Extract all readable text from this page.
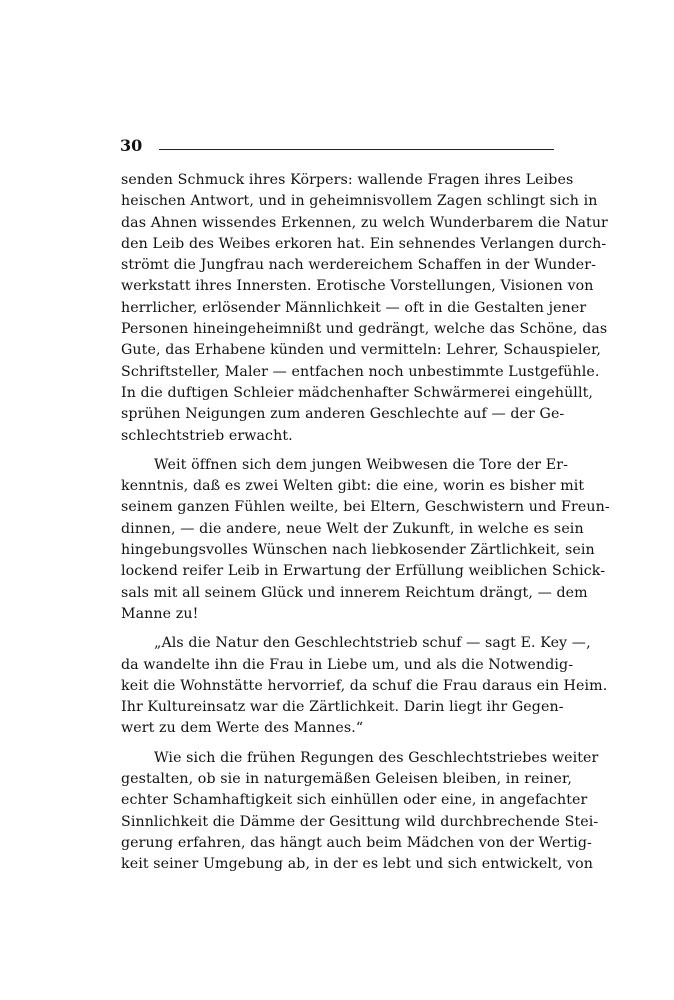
30
senden Schmuck ihres Körpers: wallende Fragen ihres Leibes
heischen Antwort, und in geheimnisvollem Zagen schlingt sich in
das Ahnen wissendes Erkennen, zu welch Wunderbarem die Natur
den Leib des Weibes erkoren hat. Ein sehnendes Verlangen durch-
strömt die Jungfrau nach werdereichem Schaffen in der Wunder-
werkstatt ihres Innersten. Erotische Vorstellungen, Visionen von
herrlicher, erlösender Männlichkeit — oft in die Gestalten jener
Personen hineingeheimnißt und gedrängt, welche das Schöne, das
Gute, das Erhabene künden und vermitteln: Lehrer, Schauspieler,
Schriftsteller, Maler — entfachen noch unbestimmte Lustgefühle.
In die duftigen Schleier mädchenhafter Schwärmerei eingehüllt,
sprühen Neigungen zum anderen Geschlechte auf — der Ge-
schlechtstrieb erwacht.
Weit öffnen sich dem jungen Weibwesen die Tore der Er-
kenntnis, daß es zwei Welten gibt: die eine, worin es bisher mit
seinem ganzen Fühlen weilte, bei Eltern, Geschwistern und Freun-
dinnen, — die andere, neue Welt der Zukunft, in welche es sein
hingebungsvolles Wünschen nach liebkosender Zärtlichkeit, sein
lockend reifer Leib in Erwartung der Erfüllung weiblichen Schick-
sals mit all seinem Glück und innerem Reichtum drängt, — dem
Manne zu!
„Als die Natur den Geschlechtstrieb schuf — sagt E. Key —,
da wandelte ihn die Frau in Liebe um, und als die Notwendig-
keit die Wohnstätte hervorrief, da schuf die Frau daraus ein Heim.
Ihr Kultureinsatz war die Zärtlichkeit. Darin liegt ihr Gegen-
wert zu dem Werte des Mannes.“
Wie sich die frühen Regungen des Geschlechtstriebes weiter
gestalten, ob sie in naturgemäßen Geleisen bleiben, in reiner,
echter Schamhaftigkeit sich einhüllen oder eine, in angefachter
Sinnlichkeit die Dämme der Gesittung wild durchbrechende Stei-
gerung erfahren, das hängt auch beim Mädchen von der Wertig-
keit seiner Umgebung ab, in der es lebt und sich entwickelt, von
